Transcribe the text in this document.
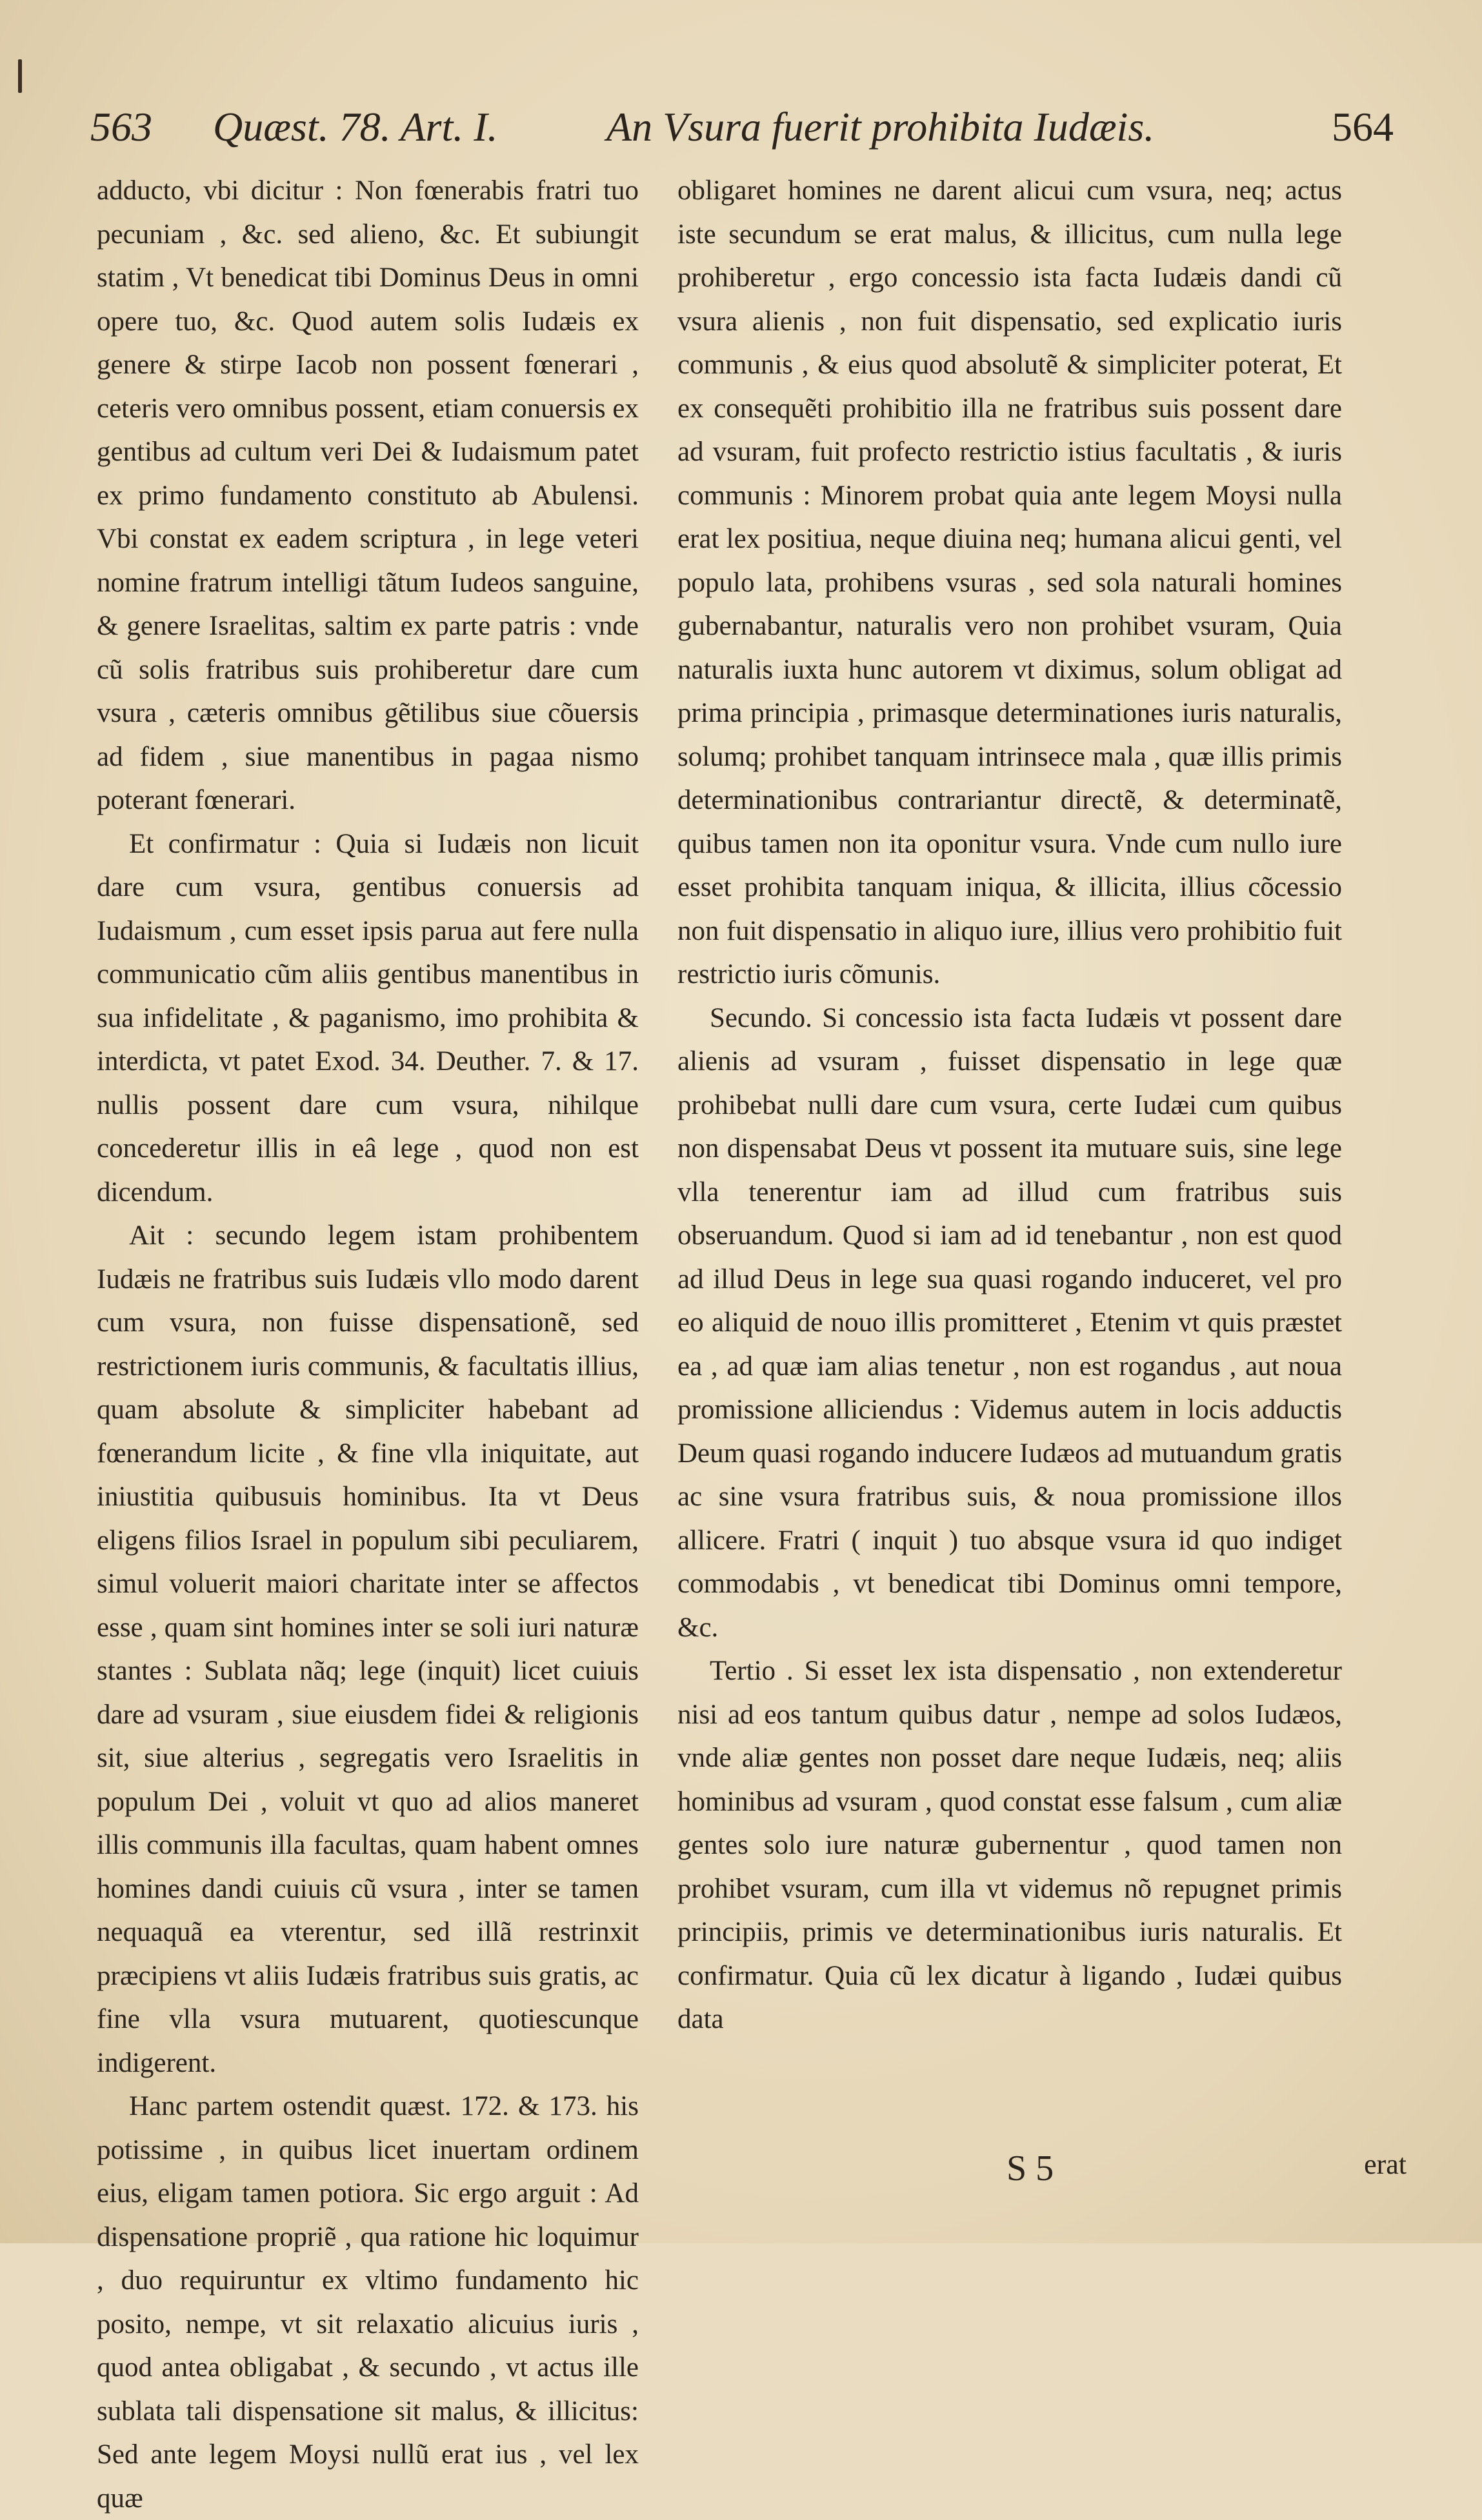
563 Quæst. 78. Art. I.	An Vsura fuerit prohibita Iudæis.	564

adducto, vbi dicitur : Non fœnerabis fratri tuo pecuniam , &c. sed alieno, &c. Et subiungit statim , Vt benedicat tibi Dominus Deus in omni opere tuo, &c. Quod autem solis Iudæis ex genere & stirpe Iacob non possent fœnerari , ceteris vero omnibus possent, etiam conuersis ex gentibus ad cultum veri Dei & Iudaismum patet ex primo fundamento constituto ab Abulensi. Vbi constat ex eadem scriptura , in lege veteri nomine fratrum intelligi tãtum Iudeos sanguine, & genere Israelitas, saltim ex parte patris : vnde cũ solis fratribus suis prohiberetur dare cum vsura , cæteris omnibus gẽtilibus siue cõuersis ad fidem , siue manentibus in pagaa nismo poterant fœnerari.

Et confirmatur : Quia si Iudæis non licuit dare cum vsura, gentibus conuersis ad Iudaismum , cum esset ipsis parua aut fere nulla communicatio cũm aliis gentibus manentibus in sua infidelitate , & paganismo, imo prohibita & interdicta, vt patet Exod. 34. Deuther. 7. & 17. nullis possent dare cum vsura, nihilque concederetur illis in eâ lege , quod non est dicendum.

Ait : secundo legem istam prohibentem Iudæis ne fratribus suis Iudæis vllo modo darent cum vsura, non fuisse dispensationẽ, sed restrictionem iuris communis, & facultatis illius, quam absolute & simpliciter habebant ad fœnerandum licite , & fine vlla iniquitate, aut iniustitia quibusuis hominibus. Ita vt Deus eligens filios Israel in populum sibi peculiarem, simul voluerit maiori charitate inter se affectos esse , quam sint homines inter se soli iuri naturæ stantes : Sublata nãq; lege (inquit) licet cuiuis dare ad vsuram , siue eiusdem fidei & religionis sit, siue alterius , segregatis vero Israelitis in populum Dei , voluit vt quo ad alios maneret illis communis illa facultas, quam habent omnes homines dandi cuiuis cũ vsura , inter se tamen nequaquã ea vterentur, sed illã restrinxit præcipiens vt aliis Iudæis fratribus suis gratis, ac fine vlla vsura mutuarent, quotiescunque indigerent.

Hanc partem ostendit quæst. 172. & 173. his potissime , in quibus licet inuertam ordinem eius, eligam tamen potiora. Sic ergo arguit : Ad dispensatione propriẽ , qua ratione hic loquimur , duo requiruntur ex vltimo fundamento hic posito, nempe, vt sit relaxatio alicuius iuris , quod antea obligabat , & secundo , vt actus ille sublata tali dispensatione sit malus, & illicitus: Sed ante legem Moysi nullũ erat ius , vel lex quæ

obligaret homines ne darent alicui cum vsura, neq; actus iste secundum se erat malus, & illicitus, cum nulla lege prohiberetur , ergo concessio ista facta Iudæis dandi cũ vsura alienis , non fuit dispensatio, sed explicatio iuris communis , & eius quod absolutẽ & simpliciter poterat, Et ex consequẽti prohibitio illa ne fratribus suis possent dare ad vsuram, fuit profecto restrictio istius facultatis , & iuris communis : Minorem probat quia ante legem Moysi nulla erat lex positiua, neque diuina neq; humana alicui genti, vel populo lata, prohibens vsuras , sed sola naturali homines gubernabantur, naturalis vero non prohibet vsuram, Quia naturalis iuxta hunc autorem vt diximus, solum obligat ad prima principia , primasque determinationes iuris naturalis, solumq; prohibet tanquam intrinsece mala , quæ illis primis determinationibus contrariantur directẽ, & determinatẽ, quibus tamen non ita oponitur vsura. Vnde cum nullo iure esset prohibita tanquam iniqua, & illicita, illius cõcessio non fuit dispensatio in aliquo iure, illius vero prohibitio fuit restrictio iuris cõmunis.

Secundo. Si concessio ista facta Iudæis vt possent dare alienis ad vsuram , fuisset dispensatio in lege quæ prohibebat nulli dare cum vsura, certe Iudæi cum quibus non dispensabat Deus vt possent ita mutuare suis, sine lege vlla tenerentur iam ad illud cum fratribus suis obseruandum. Quod si iam ad id tenebantur , non est quod ad illud Deus in lege sua quasi rogando induceret, vel pro eo aliquid de nouo illis promitteret , Etenim vt quis præstet ea , ad quæ iam alias tenetur , non est rogandus , aut noua promissione alliciendus : Videmus autem in locis adductis Deum quasi rogando inducere Iudæos ad mutuandum gratis ac sine vsura fratribus suis, & noua promissione illos allicere. Fratri ( inquit ) tuo absque vsura id quo indiget commodabis , vt benedicat tibi Dominus omni tempore, &c.

Tertio . Si esset lex ista dispensatio , non extenderetur nisi ad eos tantum quibus datur , nempe ad solos Iudæos, vnde aliæ gentes non posset dare neque Iudæis, neq; aliis hominibus ad vsuram , quod constat esse falsum , cum aliæ gentes solo iure naturæ gubernentur , quod tamen non prohibet vsuram, cum illa vt videmus nõ repugnet primis principiis, primis ve determinationibus iuris naturalis. Et confirmatur. Quia cũ lex dicatur à ligando , Iudæi quibus data

S 5	erat
